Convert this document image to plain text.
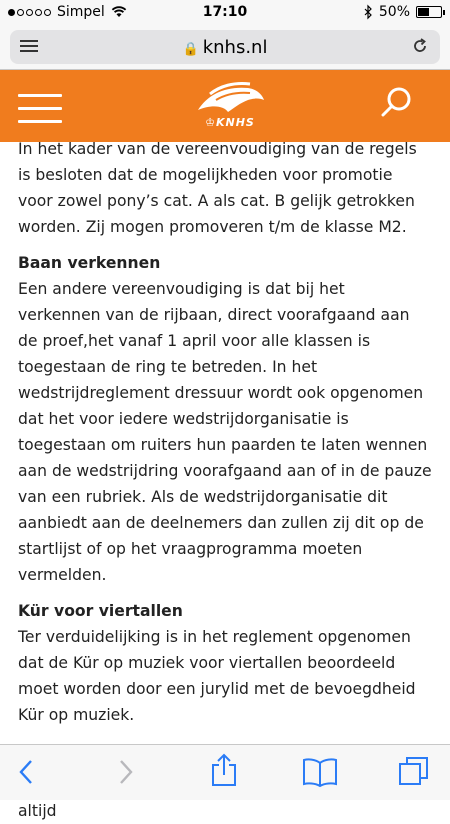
Simpel	17:10	50%
🔒 knhs.nl
♔KNHS

In het kader van de vereenvoudiging van de regels is besloten dat de mogelijkheden voor promotie voor zowel pony’s cat. A als cat. B gelijk getrokken worden. Zij mogen promoveren t/m de klasse M2.

Baan verkennen

Een andere vereenvoudiging is dat bij het verkennen van de rijbaan, direct voorafgaand aan de proef,het vanaf 1 april voor alle klassen is toegestaan de ring te betreden. In het wedstrijdreglement dressuur wordt ook opgenomen dat het voor iedere wedstrijdorganisatie is toegestaan om ruiters hun paarden te laten wennen aan de wedstrijdring voorafgaand aan of in de pauze van een rubriek. Als de wedstrijdorganisatie dit aanbiedt aan de deelnemers dan zullen zij dit op de startlijst of op het vraagprogramma moeten vermelden.

Kür voor viertallen

Ter verduidelijking is in het reglement opgenomen dat de Kür op muziek voor viertallen beoordeeld moet worden door een jurylid met de bevoegdheid Kür op muziek.

altijd
